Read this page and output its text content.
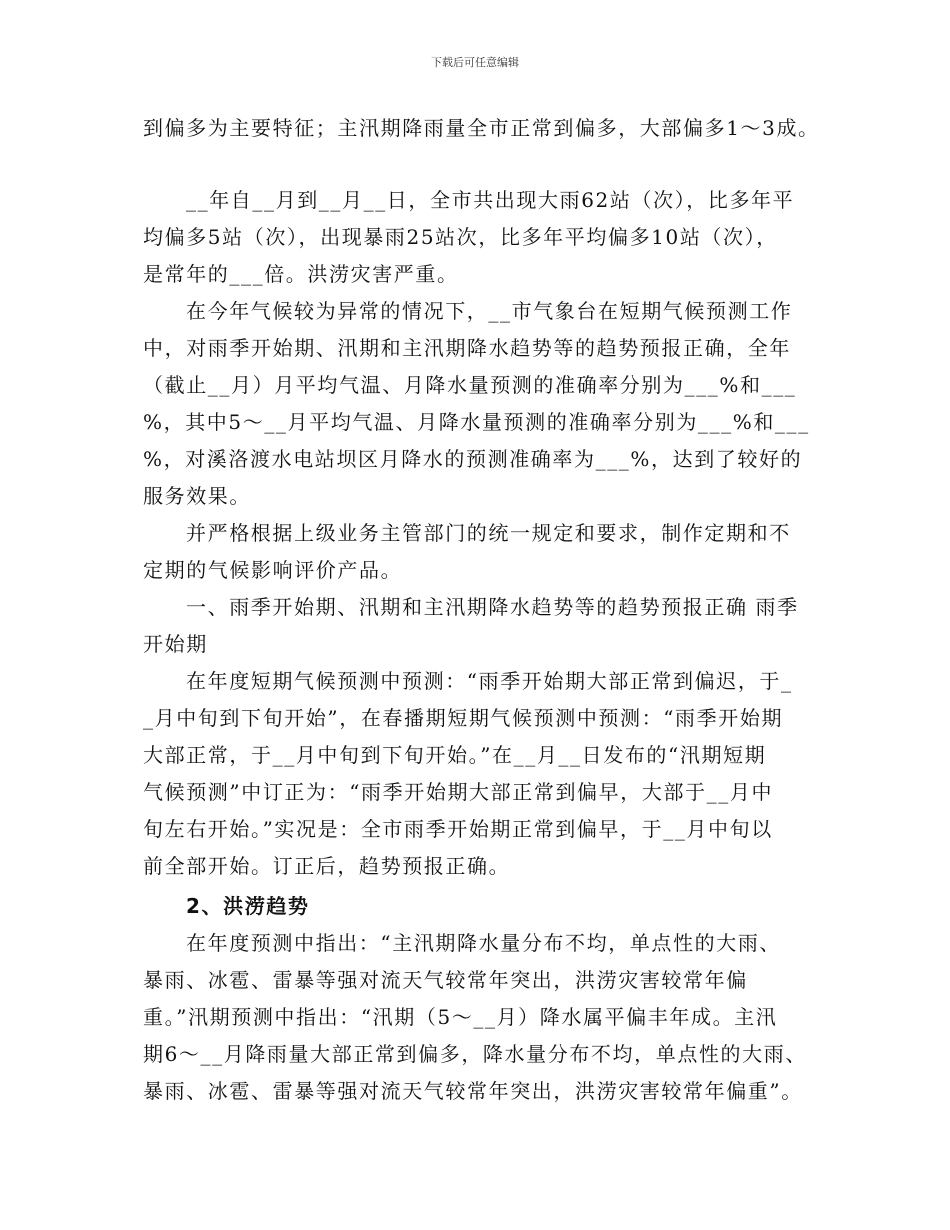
下载后可任意编辑
到偏多为主要特征；主汛期降雨量全市正常到偏多，大部偏多1～3成。
__年自__月到__月__日，全市共出现大雨62站（次），比多年平
均偏多5站（次），出现暴雨25站次，比多年平均偏多10站（次），
是常年的___倍。洪涝灾害严重。
在今年气候较为异常的情况下，__市气象台在短期气候预测工作
中，对雨季开始期、汛期和主汛期降水趋势等的趋势预报正确，全年
（截止__月）月平均气温、月降水量预测的准确率分别为___%和___
%，其中5～__月平均气温、月降水量预测的准确率分别为___%和___
%，对溪洛渡水电站坝区月降水的预测准确率为___%，达到了较好的
服务效果。
并严格根据上级业务主管部门的统一规定和要求，制作定期和不
定期的气候影响评价产品。
一、雨季开始期、汛期和主汛期降水趋势等的趋势预报正确 雨季
开始期
在年度短期气候预测中预测：“雨季开始期大部正常到偏迟，于_
_月中旬到下旬开始”，在春播期短期气候预测中预测：“雨季开始期
大部正常，于__月中旬到下旬开始。”在__月__日发布的“汛期短期
气候预测”中订正为：“雨季开始期大部正常到偏早，大部于__月中
旬左右开始。”实况是：全市雨季开始期正常到偏早，于__月中旬以
前全部开始。订正后，趋势预报正确。
2、洪涝趋势
在年度预测中指出：“主汛期降水量分布不均，单点性的大雨、
暴雨、冰雹、雷暴等强对流天气较常年突出，洪涝灾害较常年偏
重。”汛期预测中指出：“汛期（5～__月）降水属平偏丰年成。主汛
期6～__月降雨量大部正常到偏多，降水量分布不均，单点性的大雨、
暴雨、冰雹、雷暴等强对流天气较常年突出，洪涝灾害较常年偏重”。
